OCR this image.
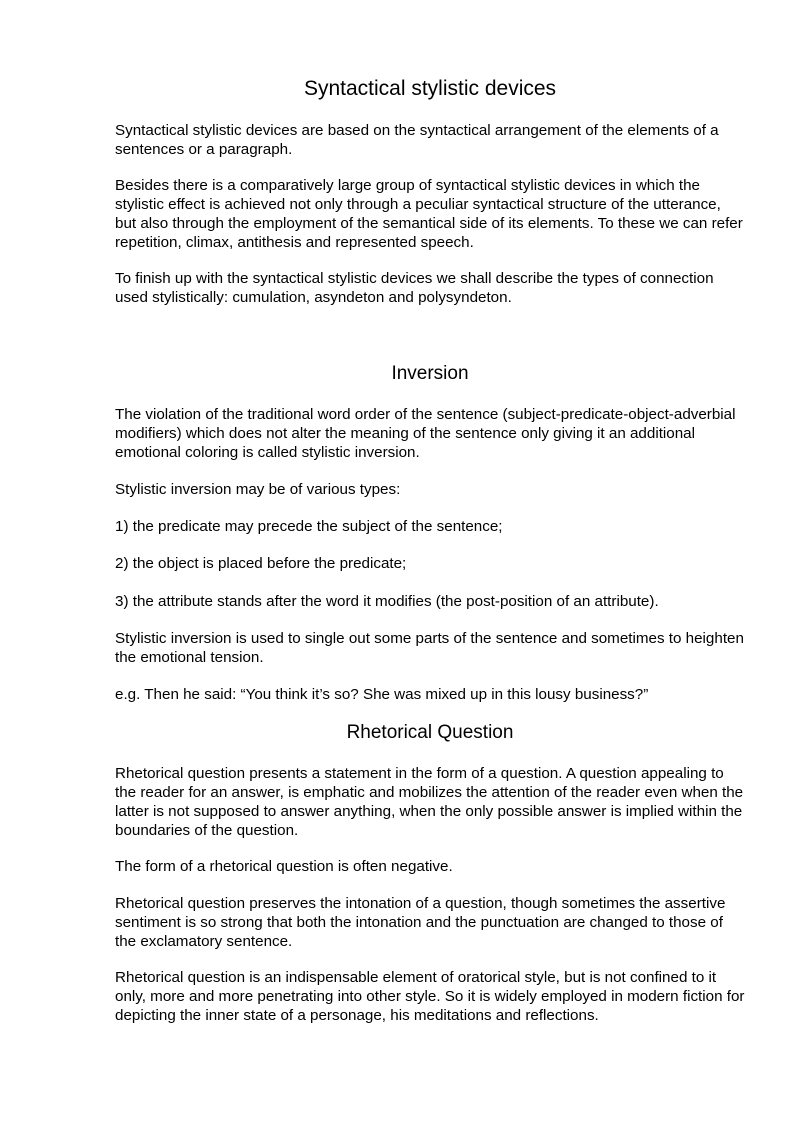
Syntactical stylistic devices

Syntactical stylistic devices are based on the syntactical arrangement of the elements of a sentences or a paragraph.

Besides there is a comparatively large group of syntactical stylistic devices in which the stylistic effect is achieved not only through a peculiar syntactical structure of the utterance, but also through the employment of the semantical side of its elements. To these we can refer repetition, climax, antithesis and represented speech.

To finish up with the syntactical stylistic devices we shall describe the types of connection used stylistically: cumulation, asyndeton and polysyndeton.

Inversion

The violation of the traditional word order of the sentence (subject-predicate-object-adverbial modifiers) which does not alter the meaning of the sentence only giving it an additional emotional coloring is called stylistic inversion.

Stylistic inversion may be of various types:

1) the predicate may precede the subject of the sentence;

2) the object is placed before the predicate;

3) the attribute stands after the word it modifies (the post-position of an attribute).

Stylistic inversion is used to single out some parts of the sentence and sometimes to heighten the emotional tension.

e.g. Then he said: “You think it’s so? She was mixed up in this lousy business?”

Rhetorical Question

Rhetorical question presents a statement in the form of a question. A question appealing to the reader for an answer, is emphatic and mobilizes the attention of the reader even when the latter is not supposed to answer anything, when the only possible answer is implied within the boundaries of the question.

The form of a rhetorical question is often negative.

Rhetorical question preserves the intonation of a question, though sometimes the assertive sentiment is so strong that both the intonation and the punctuation are changed to those of the exclamatory sentence.

Rhetorical question is an indispensable element of oratorical style, but is not confined to it only, more and more penetrating into other style. So it is widely employed in modern fiction for depicting the inner state of a personage, his meditations and reflections.
